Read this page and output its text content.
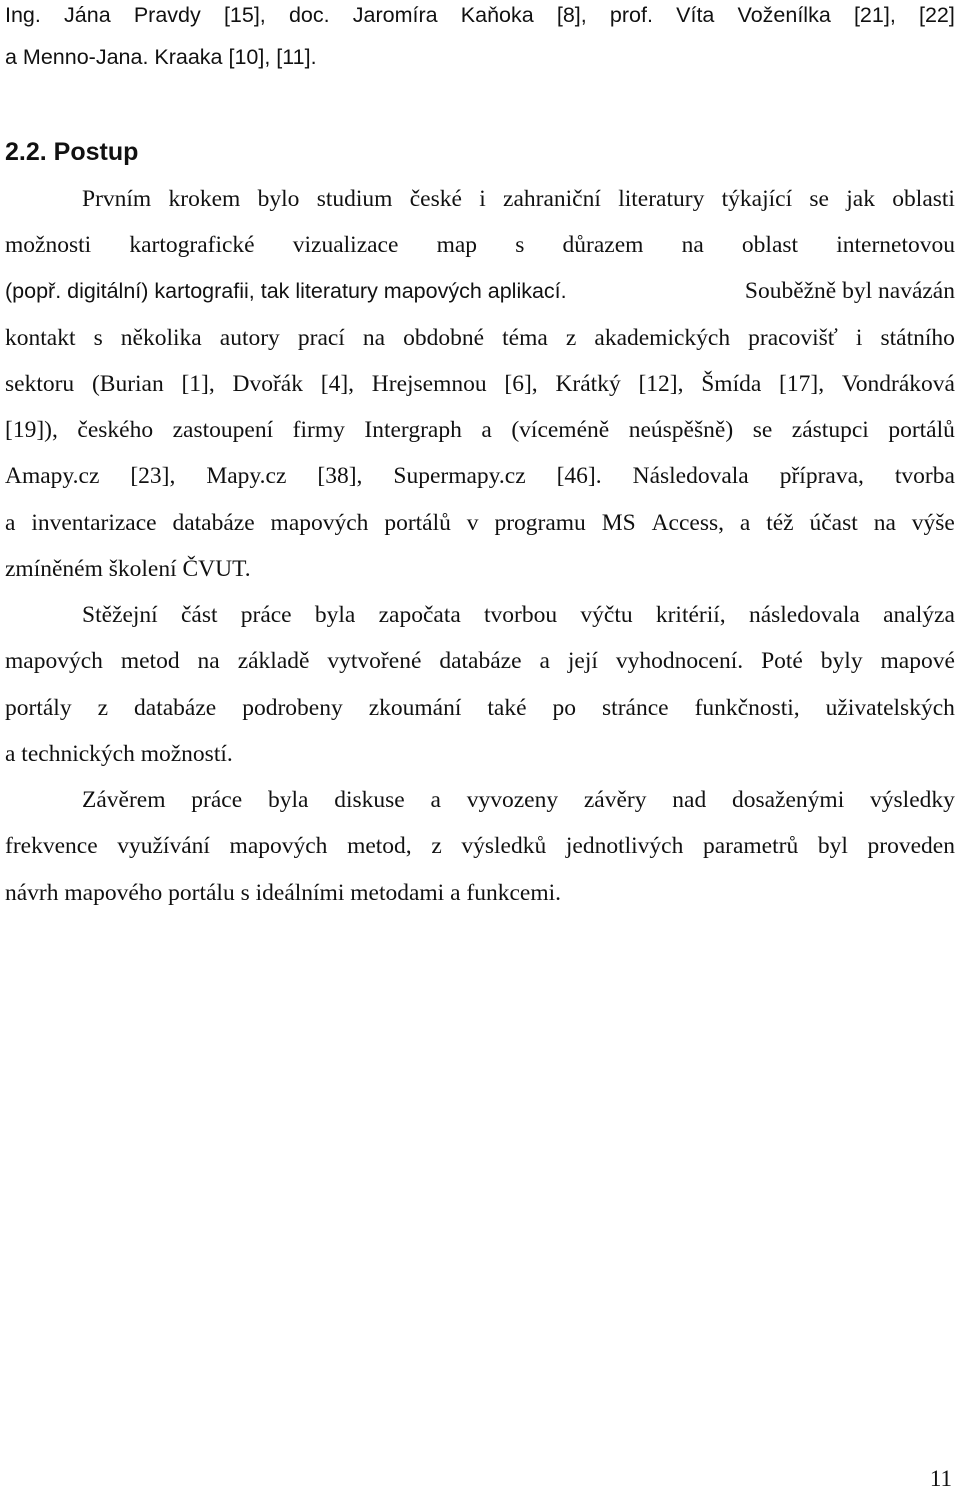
Ing. Jána Pravdy [15], doc. Jaromíra Kaňoka [8], prof. Víta Voženílka [21], [22]
a Menno-Jana. Kraaka [10], [11].
2.2. Postup
Prvním krokem bylo studium české i zahraniční literatury týkající se jak oblasti
možnosti kartografické vizualizace map s důrazem na oblast internetovou
(popř. digitální) kartografii, tak literatury mapových aplikací.	Souběžně byl navázán
kontakt s několika autory prací na obdobné téma z akademických pracovišť i státního
sektoru (Burian [1], Dvořák [4], Hrejsemnou [6], Krátký [12], Šmída [17], Vondráková
[19]), českého zastoupení firmy Intergraph a (víceméně neúspěšně) se zástupci portálů
Amapy.cz [23], Mapy.cz [38], Supermapy.cz [46]. Následovala příprava, tvorba
a inventarizace databáze mapových portálů v programu MS Access, a též účast na výše
zmíněném školení ČVUT.
Stěžejní část práce byla započata tvorbou výčtu kritérií, následovala analýza
mapových metod na základě vytvořené databáze a její vyhodnocení. Poté byly mapové
portály z databáze podrobeny zkoumání také po stránce funkčnosti, uživatelských
a technických možností.
Závěrem práce byla diskuse a vyvozeny závěry nad dosaženými výsledky
frekvence využívání mapových metod, z výsledků jednotlivých parametrů byl proveden
návrh mapového portálu s ideálními metodami a funkcemi.
11
